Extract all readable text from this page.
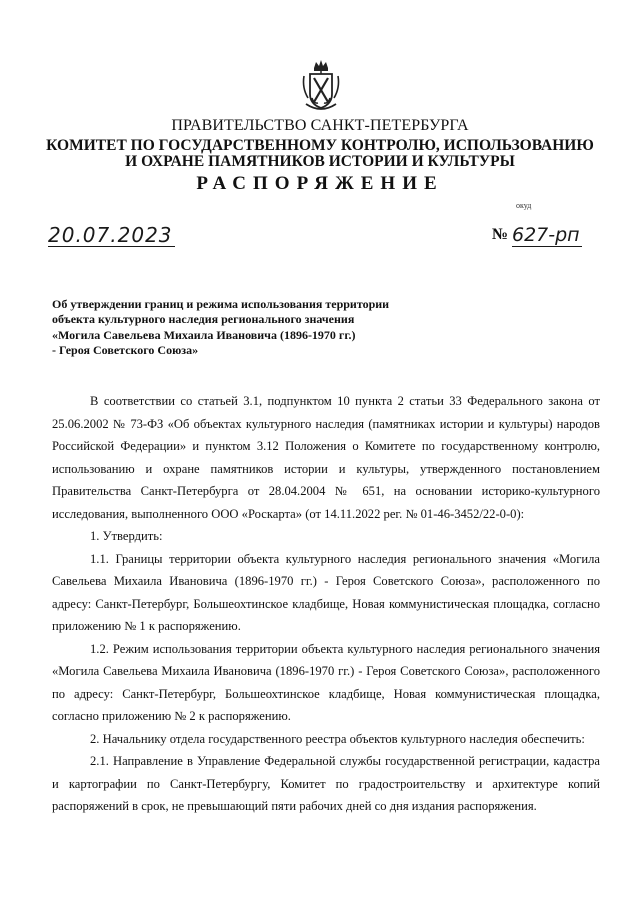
ПРАВИТЕЛЬСТВО САНКТ-ПЕТЕРБУРГА
КОМИТЕТ ПО ГОСУДАРСТВЕННОМУ КОНТРОЛЮ, ИСПОЛЬЗОВАНИЮ
И ОХРАНЕ ПАМЯТНИКОВ ИСТОРИИ И КУЛЬТУРЫ
РАСПОРЯЖЕНИЕ
окуд
20.07.2023	№ 627-рп
Об утверждении границ и режима использования территории
объекта культурного наследия регионального значения
«Могила Савельева Михаила Ивановича (1896-1970 гг.)
- Героя Советского Союза»

В соответствии со статьей 3.1, подпунктом 10 пункта 2 статьи 33 Федерального закона от 25.06.2002 № 73-ФЗ «Об объектах культурного наследия (памятниках истории и культуры) народов Российской Федерации» и пунктом 3.12 Положения о Комитете по государственному контролю, использованию и охране памятников истории и культуры, утвержденного постановлением Правительства Санкт-Петербурга от 28.04.2004 № 651, на основании историко-культурного исследования, выполненного ООО «Роскарта» (от 14.11.2022 рег. № 01-46-3452/22-0-0):

1. Утвердить:

1.1. Границы территории объекта культурного наследия регионального значения «Могила Савельева Михаила Ивановича (1896-1970 гг.) - Героя Советского Союза», расположенного по адресу: Санкт-Петербург, Большеохтинское кладбище, Новая коммунистическая площадка, согласно приложению № 1 к распоряжению.

1.2. Режим использования территории объекта культурного наследия регионального значения «Могила Савельева Михаила Ивановича (1896-1970 гг.) - Героя Советского Союза», расположенного по адресу: Санкт-Петербург, Большеохтинское кладбище, Новая коммунистическая площадка, согласно приложению № 2 к распоряжению.

2. Начальнику отдела государственного реестра объектов культурного наследия обеспечить:

2.1. Направление в Управление Федеральной службы государственной регистрации, кадастра и картографии по Санкт-Петербургу, Комитет по градостроительству и архитектуре копий распоряжений в срок, не превышающий пяти рабочих дней со дня издания распоряжения.
